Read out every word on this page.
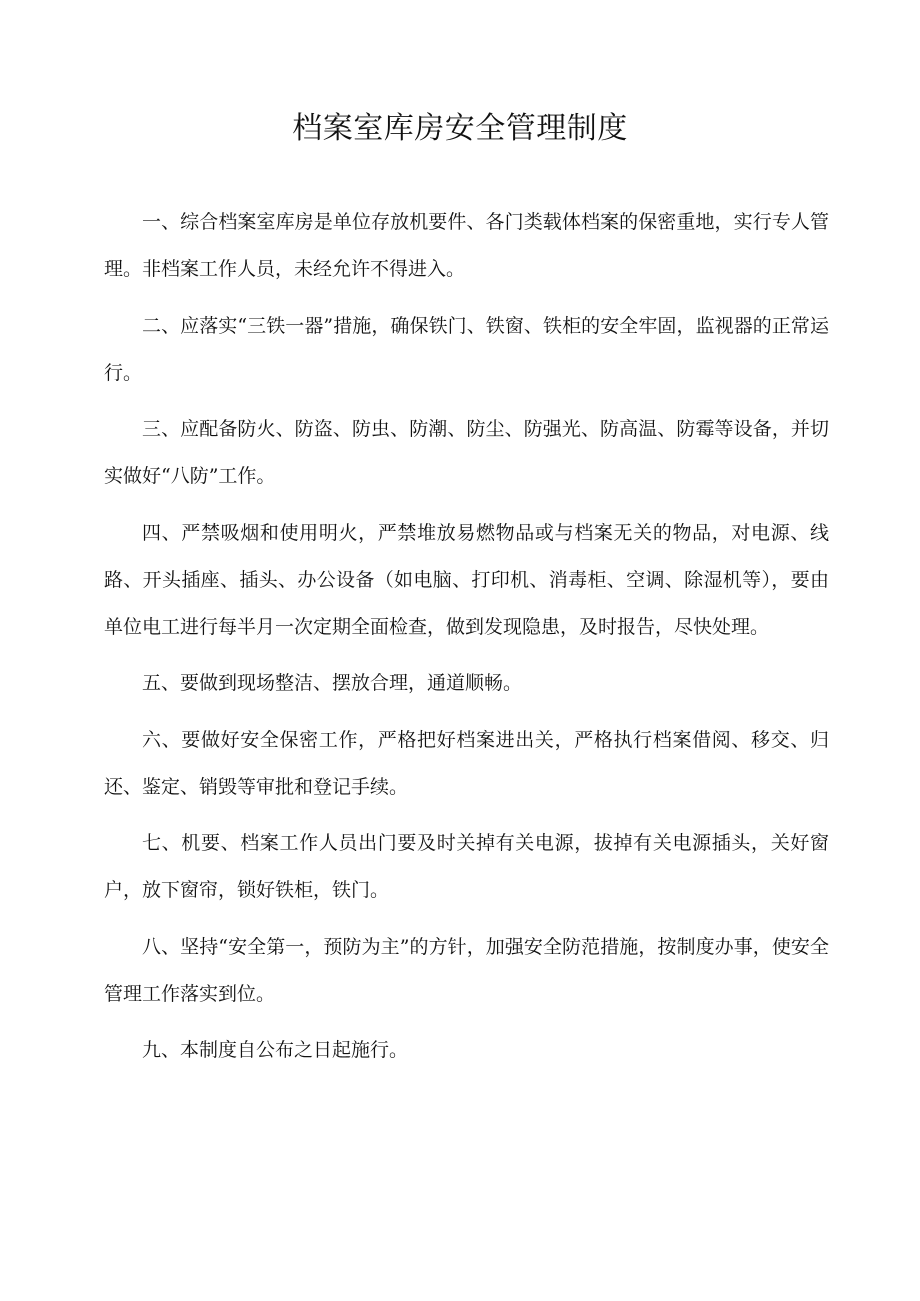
档案室库房安全管理制度

一、综合档案室库房是单位存放机要件、各门类载体档案的保密重地，实行专人管理。非档案工作人员，未经允许不得进入。

二、应落实“三铁一器”措施，确保铁门、铁窗、铁柜的安全牢固，监视器的正常运行。

三、应配备防火、防盗、防虫、防潮、防尘、防强光、防高温、防霉等设备，并切实做好“八防”工作。

四、严禁吸烟和使用明火，严禁堆放易燃物品或与档案无关的物品，对电源、线路、开头插座、插头、办公设备（如电脑、打印机、消毒柜、空调、除湿机等），要由单位电工进行每半月一次定期全面检查，做到发现隐患，及时报告，尽快处理。

五、要做到现场整洁、摆放合理，通道顺畅。

六、要做好安全保密工作，严格把好档案进出关，严格执行档案借阅、移交、归还、鉴定、销毁等审批和登记手续。

七、机要、档案工作人员出门要及时关掉有关电源，拔掉有关电源插头，关好窗户，放下窗帘，锁好铁柜，铁门。

八、坚持“安全第一，预防为主”的方针，加强安全防范措施，按制度办事，使安全管理工作落实到位。

九、本制度自公布之日起施行。
